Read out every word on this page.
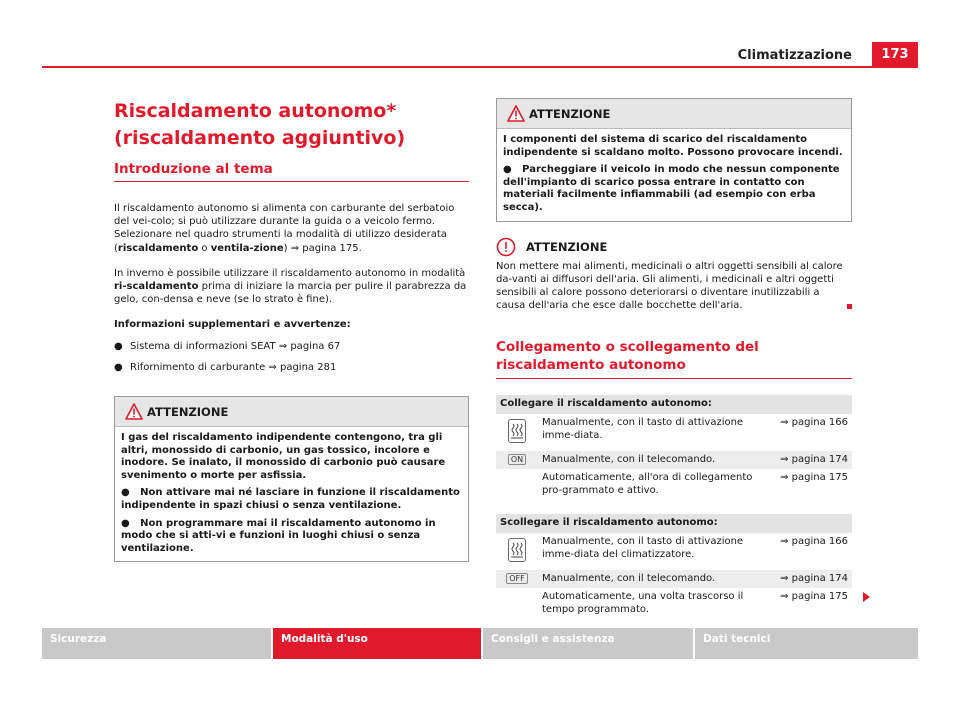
Climatizzazione	173
Riscaldamento autonomo* (riscaldamento aggiuntivo)
Introduzione al tema

Il riscaldamento autonomo si alimenta con carburante del serbatoio del vei-colo; si può utilizzare durante la guida o a veicolo fermo. Selezionare nel quadro strumenti la modalità di utilizzo desiderata (riscaldamento o ventila-zione) ⇒ pagina 175.

In inverno è possibile utilizzare il riscaldamento autonomo in modalità ri-scaldamento prima di iniziare la marcia per pulire il parabrezza da gelo, con-densa e neve (se lo strato è fine).

Informazioni supplementari e avvertenze:

● Sistema di informazioni SEAT ⇒ pagina 67
● Rifornimento di carburante ⇒ pagina 281
ATTENZIONE

I gas del riscaldamento indipendente contengono, tra gli altri, monossido di carbonio, un gas tossico, incolore e inodore. Se inalato, il monossido di carbonio può causare svenimento o morte per asfissia.

●   Non attivare mai né lasciare in funzione il riscaldamento indipendente in spazi chiusi o senza ventilazione.

●   Non programmare mai il riscaldamento autonomo in modo che si atti-vi e funzioni in luoghi chiusi o senza ventilazione.

ATTENZIONE

I componenti del sistema di scarico del riscaldamento indipendente si scaldano molto. Possono provocare incendi.

●   Parcheggiare il veicolo in modo che nessun componente dell'impianto di scarico possa entrare in contatto con materiali facilmente infiammabili (ad esempio con erba secca).

ATTENZIONE
Non mettere mai alimenti, medicinali o altri oggetti sensibili al calore da-vanti ai diffusori dell'aria. Gli alimenti, i medicinali e altri oggetti sensibili al calore possono deteriorarsi o diventare inutilizzabili a causa dell'aria che esce dalle bocchette dell'aria.
Collegamento o scollegamento del riscaldamento autonomo
Collegare il riscaldamento autonomo:		

	Manualmente, con il tasto di attivazione imme-diata.	⇒ pagina 166
ON	Manualmente, con il telecomando.	⇒ pagina 174
	Automaticamente, all'ora di collegamento pro-grammato e attivo.	⇒ pagina 175
Scollegare il riscaldamento autonomo:		

	Manualmente, con il tasto di attivazione imme-diata del climatizzatore.	⇒ pagina 166
OFF	Manualmente, con il telecomando.	⇒ pagina 174
	Automaticamente, una volta trascorso il tempo programmato.	⇒ pagina 175
Sicurezza	Modalità d'uso	Consigli e assistenza	Dati tecnici
